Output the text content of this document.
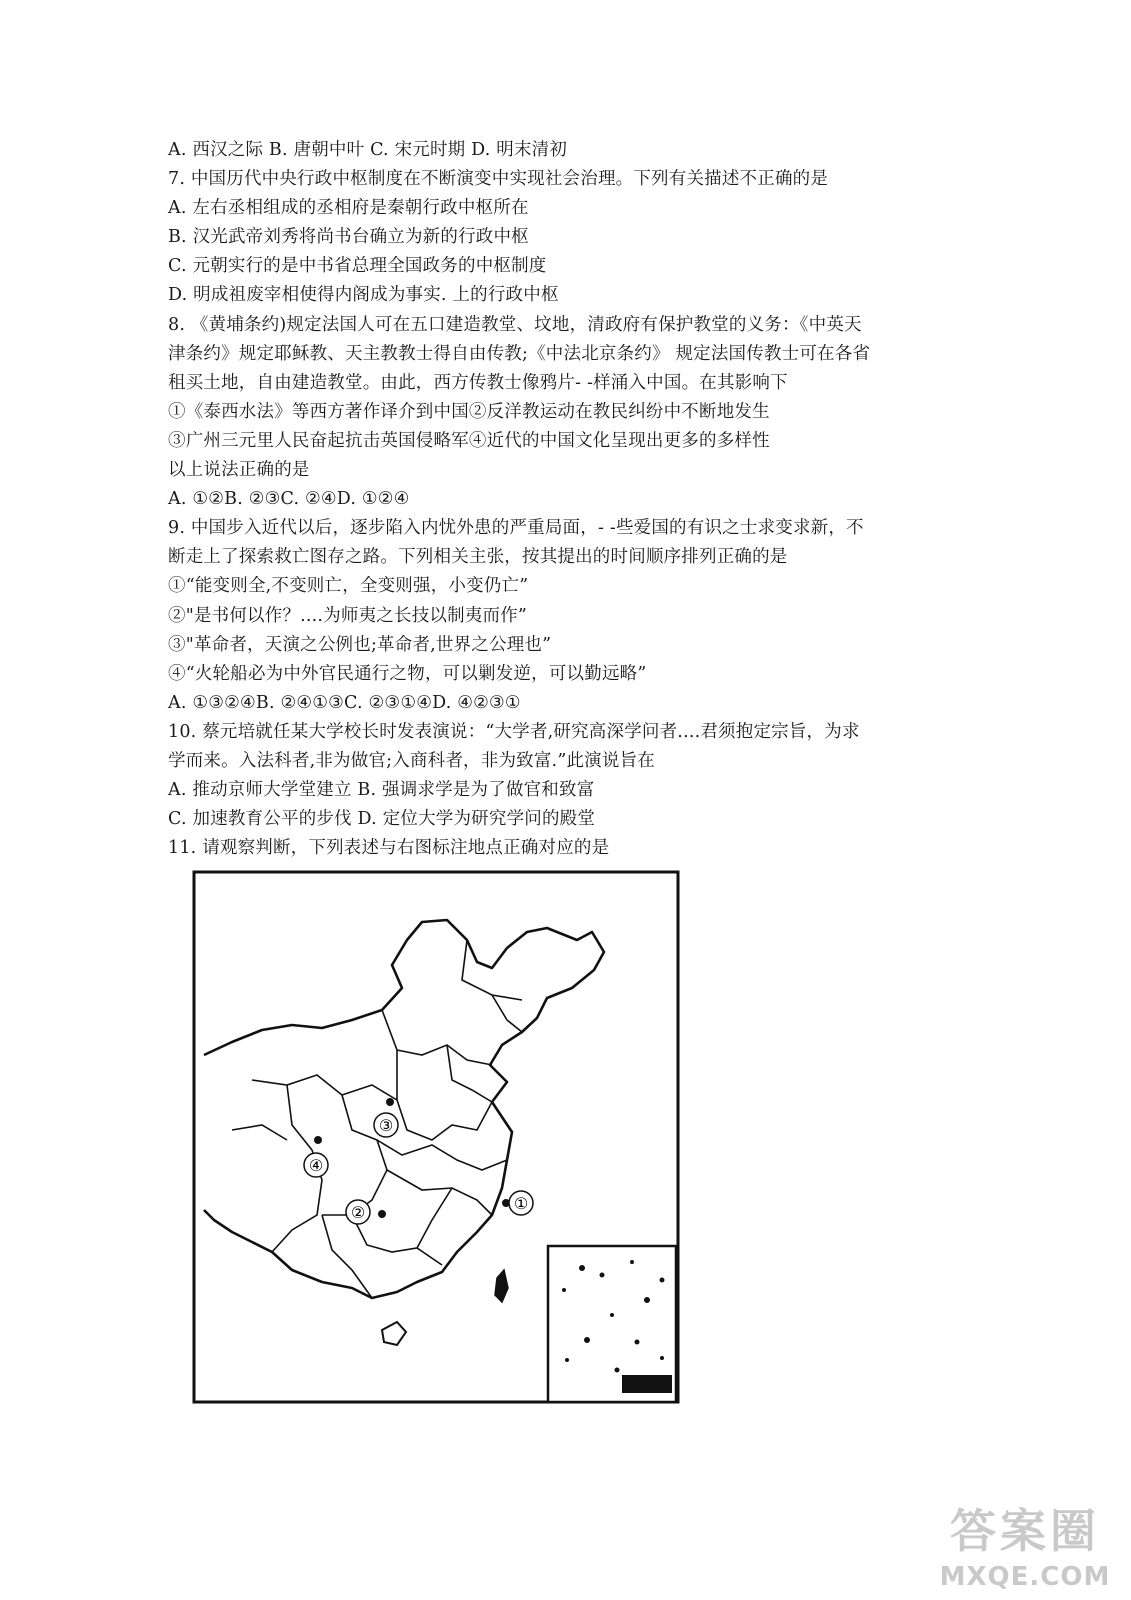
A. 西汉之际 B. 唐朝中叶 C. 宋元时期 D. 明末清初
7. 中国历代中央行政中枢制度在不断演变中实现社会治理。下列有关描述不正确的是
A. 左右丞相组成的丞相府是秦朝行政中枢所在
B. 汉光武帝刘秀将尚书台确立为新的行政中枢
C. 元朝实行的是中书省总理全国政务的中枢制度
D. 明成祖废宰相使得内阁成为事实. 上的行政中枢
8. 《黄埔条约)规定法国人可在五口建造教堂、坟地，清政府有保护教堂的义务：《中英天
津条约》规定耶稣教、天主教教士得自由传教;《中法北京条约》 规定法国传教士可在各省
租买土地，自由建造教堂。由此，西方传教士像鸦片- -样涌入中国。在其影响下
①《泰西水法》等西方著作译介到中国②反洋教运动在教民纠纷中不断地发生
③广州三元里人民奋起抗击英国侵略军④近代的中国文化呈现出更多的多样性
以上说法正确的是
A. ①②B. ②③C. ②④D. ①②④
9. 中国步入近代以后，逐步陷入内忧外患的严重局面，- -些爱国的有识之士求变求新，不
断走上了探索救亡图存之路。下列相关主张，按其提出的时间顺序排列正确的是
①“能变则全,不变则亡，全变则强，小变仍亡”
②"是书何以作？....为师夷之长技以制夷而作”
③"革命者，天演之公例也;革命者,世界之公理也”
④“火轮船必为中外官民通行之物，可以剿发逆，可以勤远略”
A. ①③②④B. ②④①③C. ②③①④D. ④②③①
10. 蔡元培就任某大学校长时发表演说：“大学者,研究高深学问者....君须抱定宗旨，为求
学而来。入法科者,非为做官;入商科者，非为致富.”此演说旨在
A. 推动京师大学堂建立 B. 强调求学是为了做官和致富
C. 加速教育公平的步伐 D. 定位大学为研究学问的殿堂
11. 请观察判断，下列表述与右图标注地点正确对应的是
①
②
③
④
答案圈
MXQE.COM
